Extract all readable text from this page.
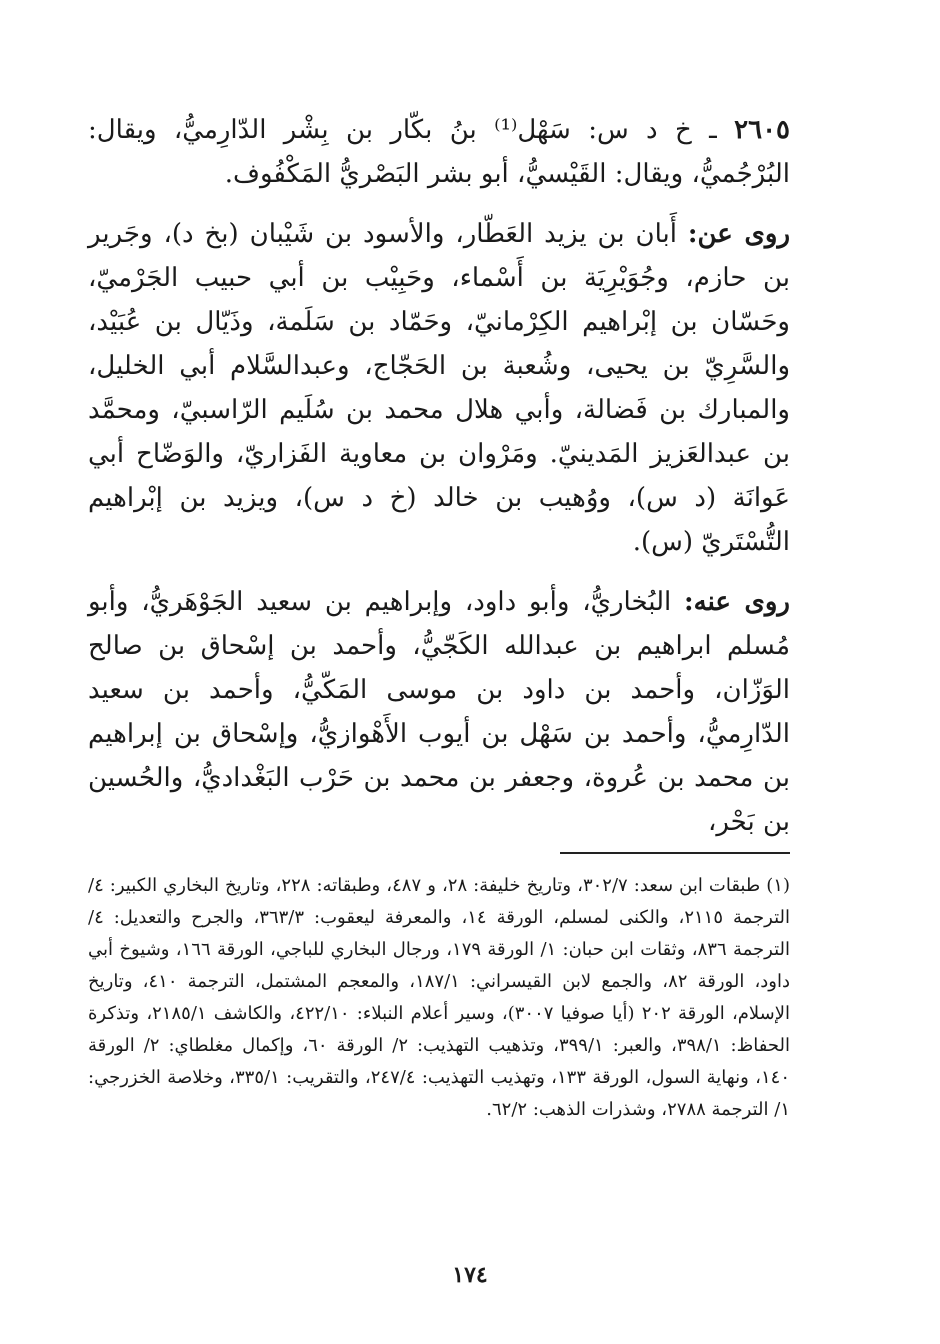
٢٦٠٥ ـ خ د س: سَهْل⁽¹⁾ بنُ بكّار بن بِشْر الدّارِميُّ، ويقال: البُرْجُميُّ، ويقال: القَيْسيُّ، أبو بشر البَصْريُّ المَكْفُوف.

روى عن: أَبان بن يزيد العَطّار، والأسود بن شَيْبان (بخ د)، وجَرير بن حازم، وجُوَيْرِيَة بن أَسْماء، وحَبِيْب بن أبي حبيب الجَرْميّ، وحَسّان بن إبْراهيم الكِرْمانيّ، وحَمّاد بن سَلَمة، وذَيّال بن عُبَيْد، والسَّرِيّ بن يحيى، وشُعبة بن الحَجّاج، وعبدالسَّلام أبي الخليل، والمبارك بن فَضالة، وأبي هلال محمد بن سُلَيم الرّاسبيّ، ومحمَّد بن عبدالعَزيز المَدينيّ. ومَرْوان بن معاوية الفَزاريّ، والوَضّاح أبي عَوانَة (د س)، ووُهيب بن خالد (خ د س)، ويزيد بن إبْراهيم التُّسْتَريّ (س).

روى عنه: البُخاريُّ، وأبو داود، وإبراهيم بن سعيد الجَوْهَريُّ، وأبو مُسلم ابراهيم بن عبدالله الكَجّيُّ، وأحمد بن إسْحاق بن صالح الوَزّان، وأحمد بن داود بن موسى المَكّيُّ، وأحمد بن سعيد الدّارِميُّ، وأحمد بن سَهْل بن أيوب الأَهْوازيُّ، وإسْحاق بن إبراهيم بن محمد بن عُروة، وجعفر بن محمد بن حَرْب البَغْداديُّ، والحُسين بن بَحْر،

(١) طبقات ابن سعد: ٣٠٢/٧، وتاريخ خليفة: ٢٨، و ٤٨٧، وطبقاته: ٢٢٨، وتاريخ البخاري الكبير: ٤/ الترجمة ٢١١٥، والكنى لمسلم، الورقة ١٤، والمعرفة ليعقوب: ٣٦٣/٣، والجرح والتعديل: ٤/ الترجمة ٨٣٦، وثقات ابن حبان: ١/ الورقة ١٧٩، ورجال البخاري للباجي، الورقة ١٦٦، وشيوخ أبي داود، الورقة ٨٢، والجمع لابن القيسراني: ١٨٧/١، والمعجم المشتمل، الترجمة ٤١٠، وتاريخ الإسلام، الورقة ٢٠٢ (أيا صوفيا ٣٠٠٧)، وسير أعلام النبلاء: ٤٢٢/١٠، والكاشف ٢١٨٥/١، وتذكرة الحفاظ: ٣٩٨/١، والعبر: ٣٩٩/١، وتذهيب التهذيب: ٢/ الورقة ٦٠، وإكمال مغلطاي: ٢/ الورقة ١٤٠، ونهاية السول، الورقة ١٣٣، وتهذيب التهذيب: ٢٤٧/٤، والتقريب: ٣٣٥/١، وخلاصة الخزرجي: ١/ الترجمة ٢٧٨٨، وشذرات الذهب: ٦٢/٢.

١٧٤
